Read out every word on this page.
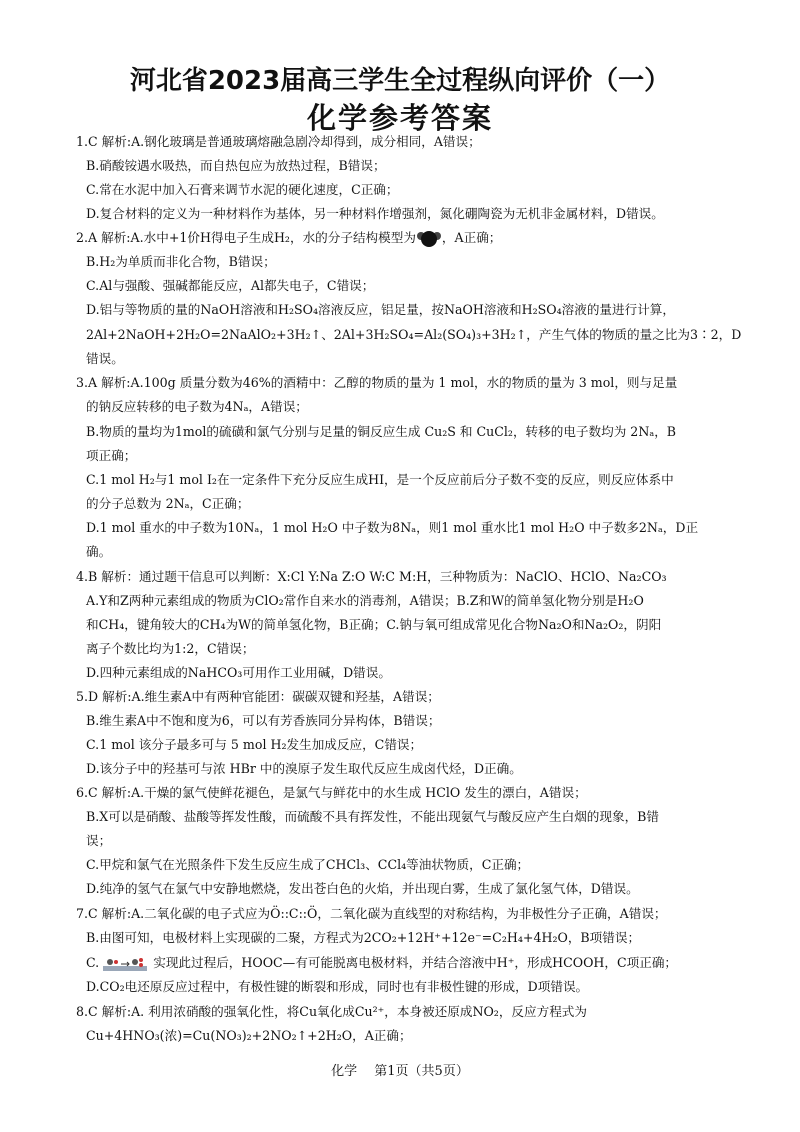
河北省2023届高三学生全过程纵向评价（一）
化学参考答案
1.C 解析:A.钢化玻璃是普通玻璃熔融急剧冷却得到，成分相同，A错误；
B.硝酸铵遇水吸热，而自热包应为放热过程，B错误；
C.常在水泥中加入石膏来调节水泥的硬化速度，C正确；
D.复合材料的定义为一种材料作为基体，另一种材料作增强剂，氮化硼陶瓷为无机非金属材料，D错误。
2.A 解析:A.水中+1价H得电子生成H₂，水的分子结构模型为 ，A正确；
B.H₂为单质而非化合物，B错误；
C.Al与强酸、强碱都能反应，Al都失电子，C错误；
D.铝与等物质的量的NaOH溶液和H₂SO₄溶液反应，铝足量，按NaOH溶液和H₂SO₄溶液的量进行计算，
2Al+2NaOH+2H₂O=2NaAlO₂+3H₂↑、2Al+3H₂SO₄=Al₂(SO₄)₃+3H₂↑，产生气体的物质的量之比为3∶2，D
错误。
3.A 解析:A.100g 质量分数为46%的酒精中：乙醇的物质的量为 1 mol，水的物质的量为 3 mol，则与足量
的钠反应转移的电子数为4Nₐ，A错误；
B.物质的量均为1mol的硫磺和氯气分别与足量的铜反应生成 Cu₂S 和 CuCl₂，转移的电子数均为 2Nₐ，B
项正确；
C.1 mol H₂与1 mol I₂在一定条件下充分反应生成HI，是一个反应前后分子数不变的反应，则反应体系中
的分子总数为 2Nₐ，C正确；
D.1 mol 重水的中子数为10Nₐ，1 mol H₂O 中子数为8Nₐ，则1 mol 重水比1 mol H₂O 中子数多2Nₐ，D正
确。
4.B 解析：通过题干信息可以判断：X:Cl Y:Na Z:O W:C M:H，三种物质为：NaClO、HClO、Na₂CO₃
A.Y和Z两种元素组成的物质为ClO₂常作自来水的消毒剂，A错误；B.Z和W的简单氢化物分别是H₂O
和CH₄，键角较大的CH₄为W的简单氢化物，B正确；C.钠与氧可组成常见化合物Na₂O和Na₂O₂，阴阳
离子个数比均为1:2，C错误；
D.四种元素组成的NaHCO₃可用作工业用碱，D错误。
5.D 解析:A.维生素A中有两种官能团：碳碳双键和羟基，A错误；
B.维生素A中不饱和度为6，可以有芳香族同分异构体，B错误；
C.1 mol 该分子最多可与 5 mol H₂发生加成反应，C错误；
D.该分子中的羟基可与浓 HBr 中的溴原子发生取代反应生成卤代烃，D正确。
6.C 解析:A.干燥的氯气使鲜花褪色，是氯气与鲜花中的水生成 HClO 发生的漂白，A错误；
B.X可以是硝酸、盐酸等挥发性酸，而硫酸不具有挥发性，不能出现氨气与酸反应产生白烟的现象，B错
误；
C.甲烷和氯气在光照条件下发生反应生成了CHCl₃、CCl₄等油状物质，C正确；
D.纯净的氢气在氯气中安静地燃烧，发出苍白色的火焰，并出现白雾，生成了氯化氢气体，D错误。
7.C 解析:A.二氧化碳的电子式应为Ö::C::Ö，二氧化碳为直线型的对称结构，为非极性分子正确，A错误；
B.由图可知，电极材料上实现碳的二聚，方程式为2CO₂+12H⁺+12e⁻=C₂H₄+4H₂O，B项错误；
C.	实现此过程后，HOOC—有可能脱离电极材料，并结合溶液中H⁺，形成HCOOH，C项正确；
D.CO₂电还原反应过程中，有极性键的断裂和形成，同时也有非极性键的形成，D项错误。
8.C 解析:A. 利用浓硝酸的强氧化性，将Cu氧化成Cu²⁺，本身被还原成NO₂，反应方程式为
Cu+4HNO₃(浓)=Cu(NO₃)₂+2NO₂↑+2H₂O，A正确；
化学　 第1页（共5页）
